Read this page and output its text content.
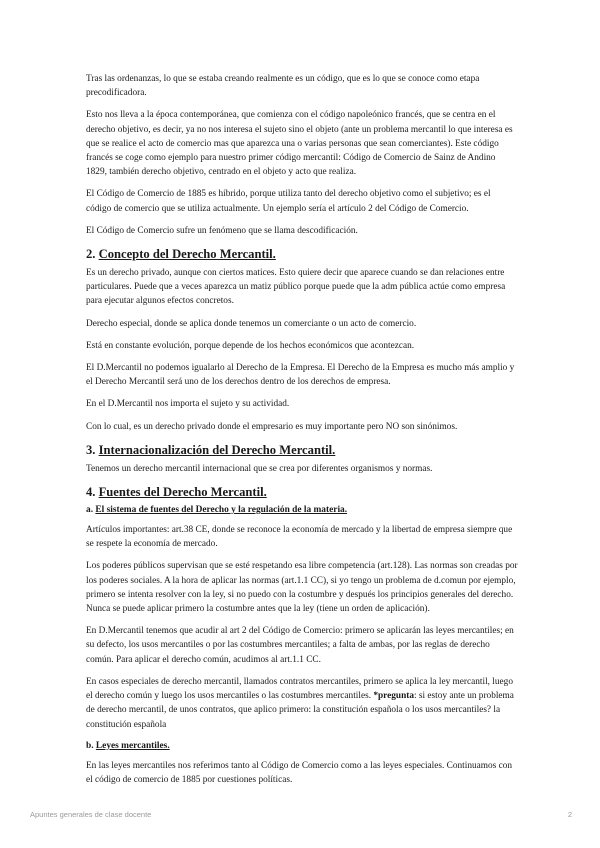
Tras las ordenanzas, lo que se estaba creando realmente es un código, que es lo que se conoce como etapa precodificadora.

Esto nos lleva a la época contemporánea, que comienza con el código napoleónico francés, que se centra en el derecho objetivo, es decir, ya no nos interesa el sujeto sino el objeto (ante un problema mercantil lo que interesa es que se realice el acto de comercio mas que aparezca una o varias personas que sean comerciantes). Este código francés se coge como ejemplo para nuestro primer código mercantil: Código de Comercio de Sainz de Andino 1829, también derecho objetivo, centrado en el objeto y acto que realiza.

El Código de Comercio de 1885 es híbrido, porque utiliza tanto del derecho objetivo como el subjetivo; es el código de comercio que se utiliza actualmente. Un ejemplo sería el artículo 2 del Código de Comercio.

El Código de Comercio sufre un fenómeno que se llama descodificación.

2. Concepto del Derecho Mercantil.

Es un derecho privado, aunque con ciertos matices. Esto quiere decir que aparece cuando se dan relaciones entre particulares. Puede que a veces aparezca un matiz público porque puede que la adm pública actúe como empresa para ejecutar algunos efectos concretos.

Derecho especial, donde se aplica donde tenemos un comerciante o un acto de comercio.

Está en constante evolución, porque depende de los hechos económicos que acontezcan.

El D.Mercantil no podemos igualarlo al Derecho de la Empresa. El Derecho de la Empresa es mucho más amplio y el Derecho Mercantil será uno de los derechos dentro de los derechos de empresa.

En el D.Mercantil nos importa el sujeto y su actividad.

Con lo cual, es un derecho privado donde el empresario es muy importante pero NO son sinónimos.

3. Internacionalización del Derecho Mercantil.

Tenemos un derecho mercantil internacional que se crea por diferentes organismos y normas.

4. Fuentes del Derecho Mercantil.
a. El sistema de fuentes del Derecho y la regulación de la materia.

Artículos importantes: art.38 CE, donde se reconoce la economía de mercado y la libertad de empresa siempre que se respete la economía de mercado.

Los poderes públicos supervisan que se esté respetando esa libre competencia (art.128). Las normas son creadas por los poderes sociales. A la hora de aplicar las normas (art.1.1 CC), si yo tengo un problema de d.comun por ejemplo, primero se intenta resolver con la ley, si no puedo con la costumbre y después los principios generales del derecho. Nunca se puede aplicar primero la costumbre antes que la ley (tiene un orden de aplicación).

En D.Mercantil tenemos que acudir al art 2 del Código de Comercio: primero se aplicarán las leyes mercantiles; en su defecto, los usos mercantiles o por las costumbres mercantiles; a falta de ambas, por las reglas de derecho común. Para aplicar el derecho común, acudimos al art.1.1 CC.

En casos especiales de derecho mercantil, llamados contratos mercantiles, primero se aplica la ley mercantil, luego el derecho común y luego los usos mercantiles o las costumbres mercantiles. *pregunta: si estoy ante un problema de derecho mercantil, de unos contratos, que aplico primero: la constitución española o los usos mercantiles? la constitución española

b. Leyes mercantiles.

En las leyes mercantiles nos referimos tanto al Código de Comercio como a las leyes especiales. Continuamos con el código de comercio de 1885 por cuestiones políticas.

Apuntes generales de clase docente	2
